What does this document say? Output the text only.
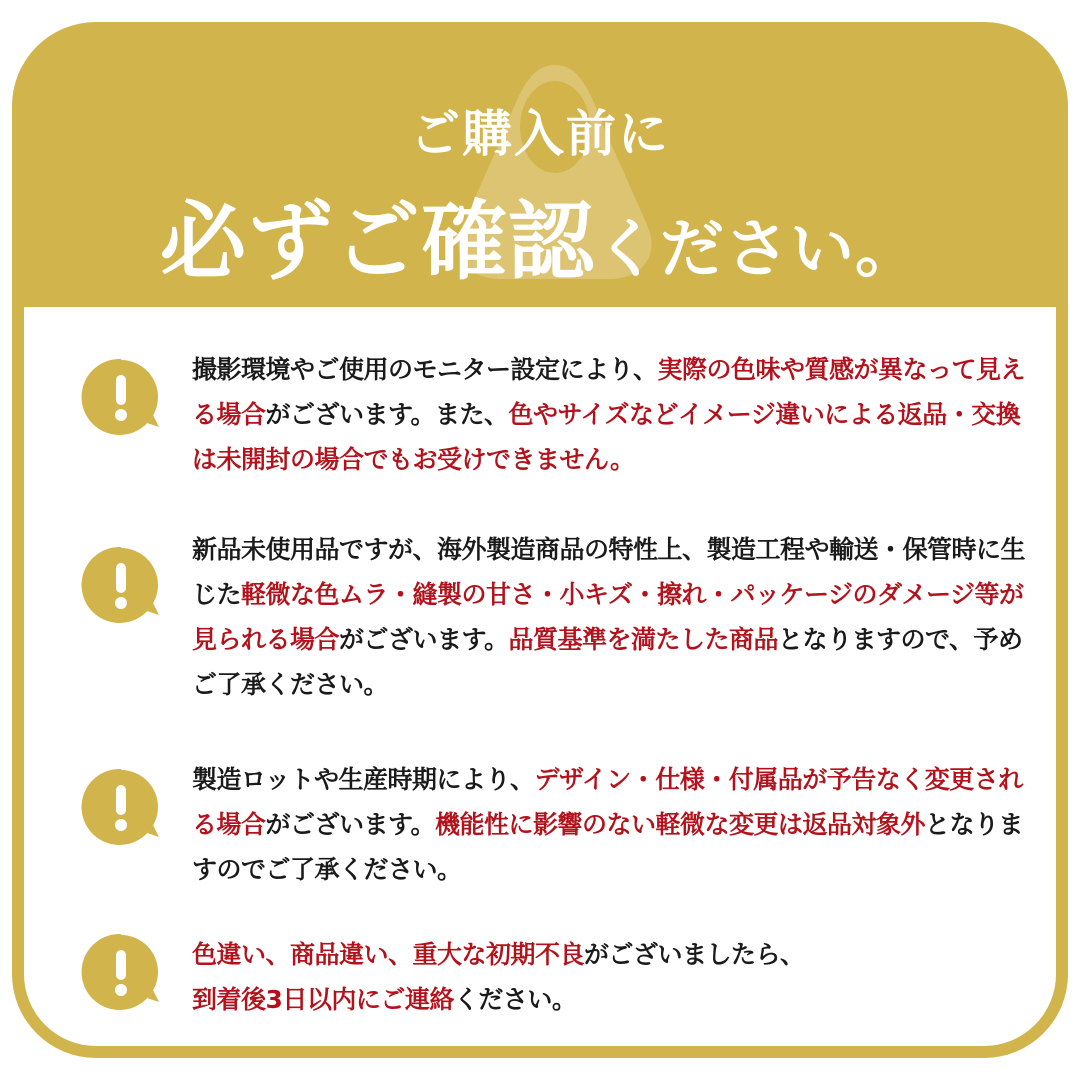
ご購入前に
必ずご確認ください。
撮影環境やご使用のモニター設定により、実際の色味や質感が異なって見える場合がございます。また、色やサイズなどイメージ違いによる返品・交換は未開封の場合でもお受けできません。
新品未使用品ですが、海外製造商品の特性上、製造工程や輸送・保管時に生じた軽微な色ムラ・縫製の甘さ・小キズ・擦れ・パッケージのダメージ等が見られる場合がございます。品質基準を満たした商品となりますので、予めご了承ください。
製造ロットや生産時期により、デザイン・仕様・付属品が予告なく変更される場合がございます。機能性に影響のない軽微な変更は返品対象外となりますのでご了承ください。
色違い、商品違い、重大な初期不良がございましたら、
到着後3日以内にご連絡ください。
